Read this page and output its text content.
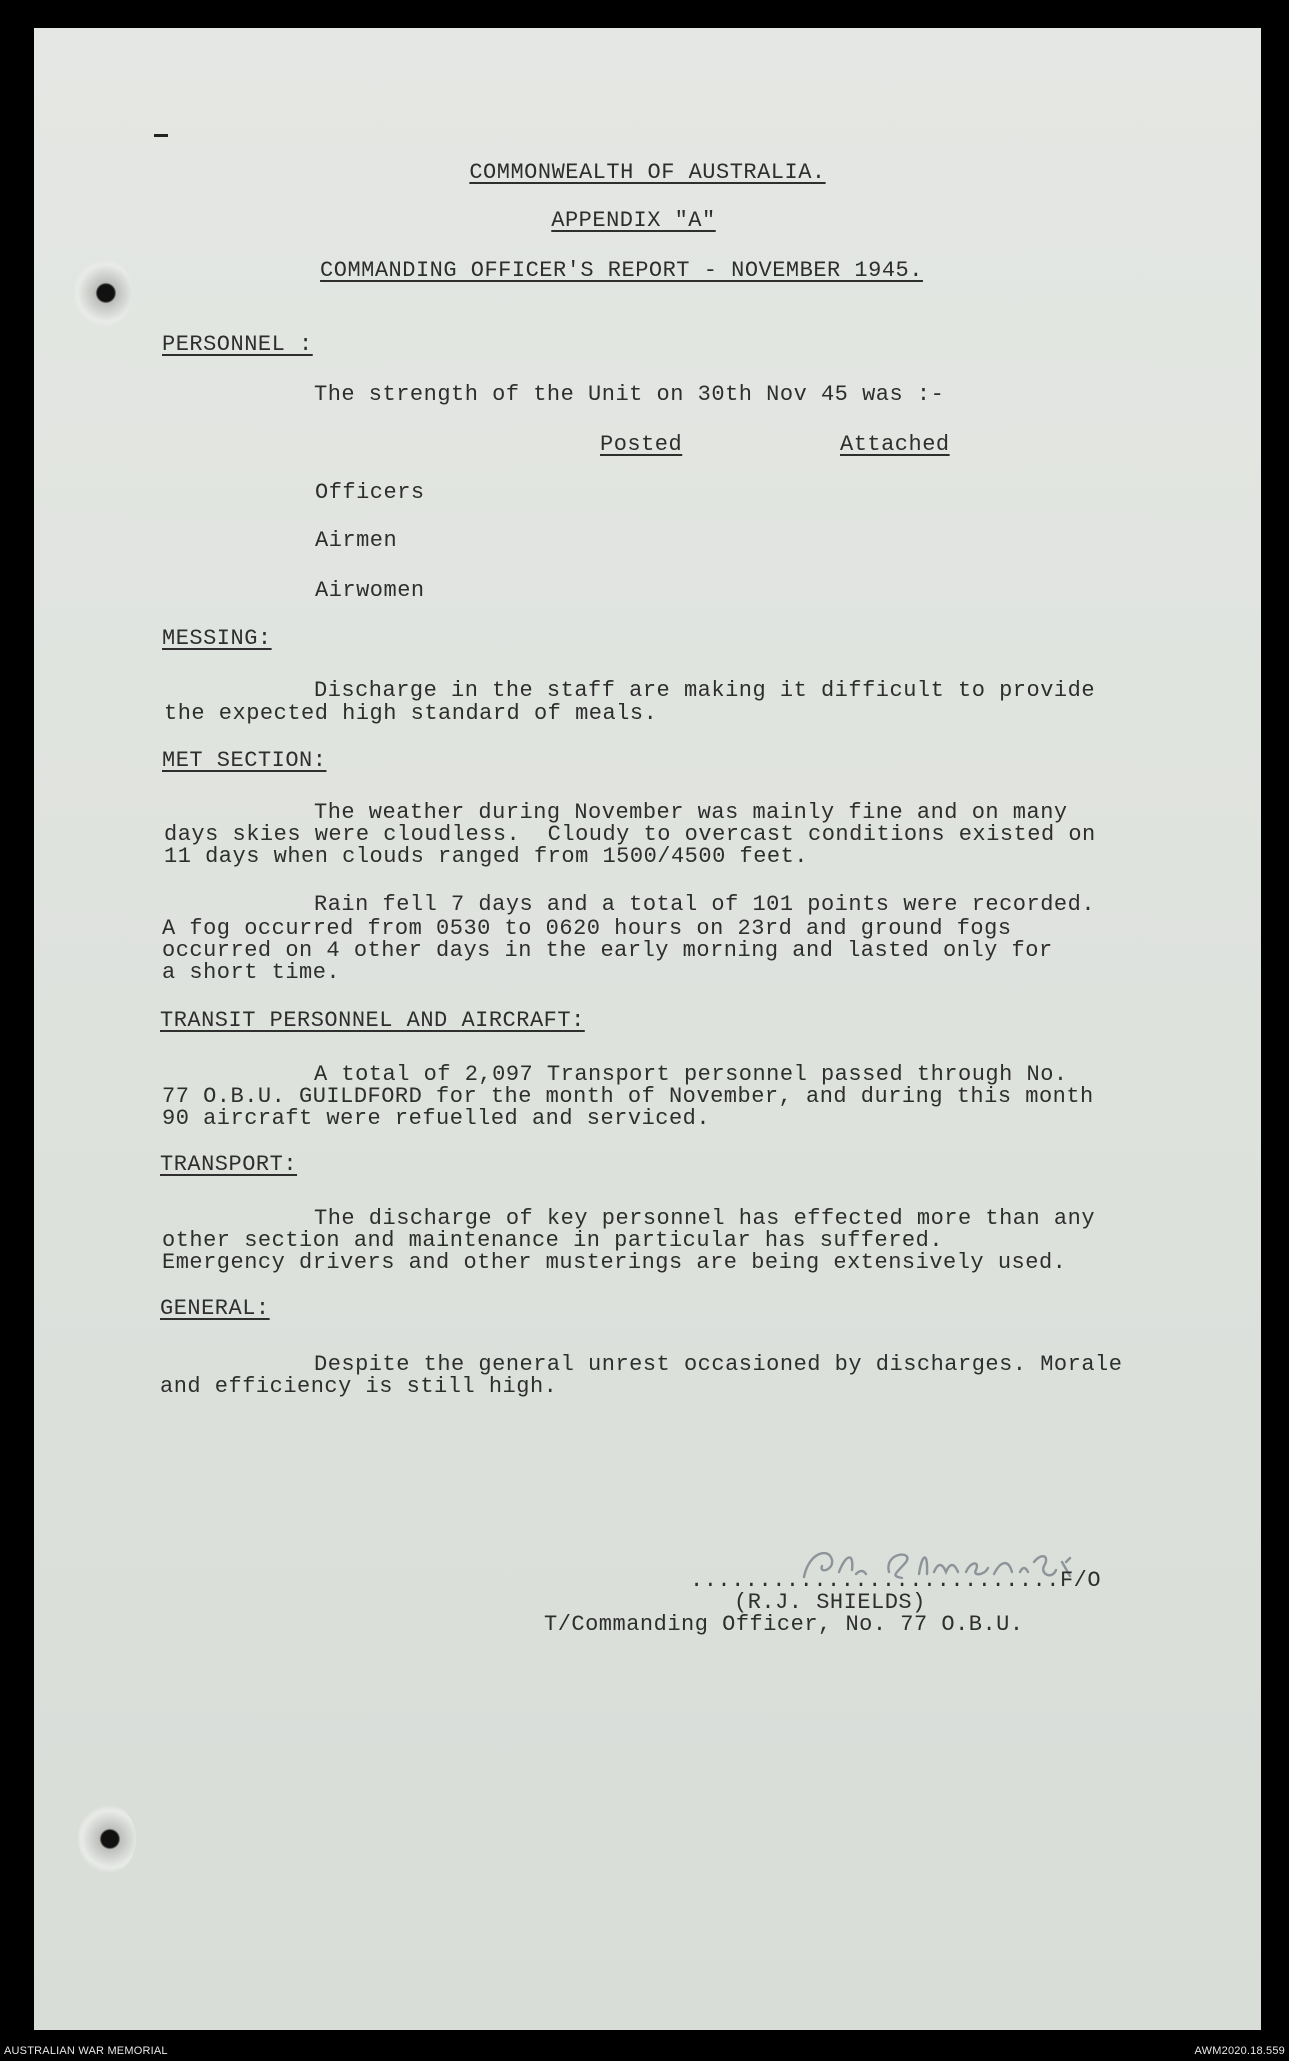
COMMONWEALTH OF AUSTRALIA.
APPENDIX "A"
COMMANDING OFFICER'S REPORT - NOVEMBER 1945.
PERSONNEL :
The strength of the Unit on 30th Nov 45 was :-
Posted	Attached
Officers
Airmen
Airwomen
MESSING:
Discharge in the staff are making it difficult to provide
the expected high standard of meals.
MET SECTION:
The weather during November was mainly fine and on many
days skies were cloudless.  Cloudy to overcast conditions existed on
11 days when clouds ranged from 1500/4500 feet.
Rain fell 7 days and a total of 101 points were recorded.
A fog occurred from 0530 to 0620 hours on 23rd and ground fogs
occurred on 4 other days in the early morning and lasted only for
a short time.
TRANSIT PERSONNEL AND AIRCRAFT:
A total of 2,097 Transport personnel passed through No.
77 O.B.U. GUILDFORD for the month of November, and during this month
90 aircraft were refuelled and serviced.
TRANSPORT:
The discharge of key personnel has effected more than any
other section and maintenance in particular has suffered.
Emergency drivers and other musterings are being extensively used.
GENERAL:
Despite the general unrest occasioned by discharges. Morale
and efficiency is still high.
...........................F/O
(R.J. SHIELDS)
T/Commanding Officer, No. 77 O.B.U.
AUSTRALIAN WAR MEMORIAL	AWM2020.18.559
